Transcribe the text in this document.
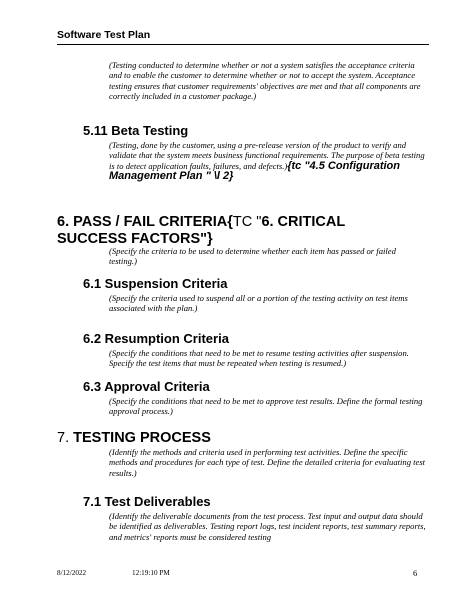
Software Test Plan

(Testing conducted to determine whether or not a system satisfies the acceptance criteria and to enable the customer to determine whether or not to accept the system. Acceptance testing ensures that customer requirements' objectives are met and that all components are correctly included in a customer package.)

5.11 Beta Testing

(Testing, done by the customer, using a pre-release version of the product to verify and validate that the system meets business functional requirements. The purpose of beta testing is to detect application faults, failures, and defects.){tc "4.5 Configuration Management Plan " \l 2}

6. PASS / FAIL CRITERIA{TC "6. CRITICAL SUCCESS FACTORS"}

(Specify the criteria to be used to determine whether each item has passed or failed testing.)

6.1 Suspension Criteria

(Specify the criteria used to suspend all or a portion of the testing activity on test items associated with the plan.)

6.2 Resumption Criteria

(Specify the conditions that need to be met to resume testing activities after suspension. Specify the test items that must be repeated when testing is resumed.)

6.3 Approval Criteria

(Specify the conditions that need to be met to approve test results. Define the formal testing approval process.)

7. TESTING PROCESS

(Identify the methods and criteria used in performing test activities. Define the specific methods and procedures for each type of test. Define the detailed criteria for evaluating test results.)

7.1 Test Deliverables

(Identify the deliverable documents from the test process. Test input and output data should be identified as deliverables. Testing report logs, test incident reports, test summary reports, and metrics' reports must be considered testing

8/12/2022	12:19:10 PM	6
